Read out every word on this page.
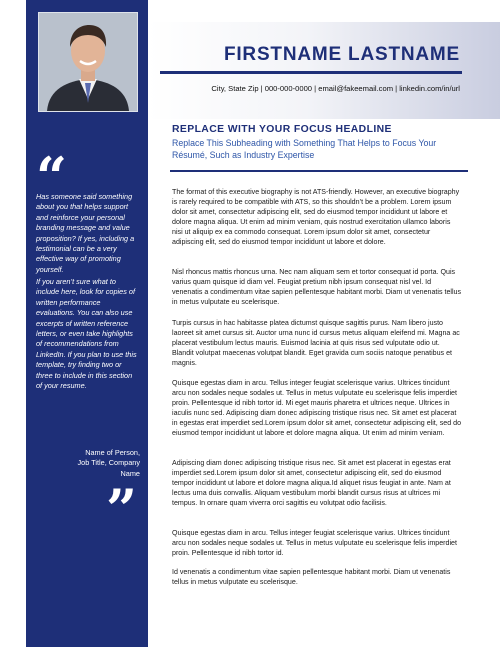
“

Has someone said something about you that helps support and reinforce your personal branding message and value proposition? If yes, including a testimonial can be a very effective way of promoting yourself.

If you aren’t sure what to include here, look for copies of written performance evaluations. You can also use excerpts of written reference letters, or even take highlights of recommendations from LinkedIn. If you plan to use this template, try finding two or three to include in this section of your resume.

Name of Person,
Job Title, Company
Name
”
FIRSTNAME LASTNAME
City, State Zip | 000-000-0000 | email@fakeemail.com | linkedin.com/in/url
REPLACE WITH YOUR FOCUS HEADLINE

Replace This Subheading with Something That Helps to Focus Your Résumé, Such as Industry Expertise

The format of this executive biography is not ATS-friendly. However, an executive biography is rarely required to be compatible with ATS, so this shouldn’t be a problem. Lorem ipsum dolor sit amet, consectetur adipiscing elit, sed do eiusmod tempor incididunt ut labore et dolore magna aliqua. Ut enim ad minim veniam, quis nostrud exercitation ullamco laboris nisi ut aliquip ex ea commodo consequat. Lorem ipsum dolor sit amet, consectetur adipiscing elit, sed do eiusmod tempor incididunt ut labore et dolore.

Nisl rhoncus mattis rhoncus urna. Nec nam aliquam sem et tortor consequat id porta. Quis varius quam quisque id diam vel. Feugiat pretium nibh ipsum consequat nisl vel. Id venenatis a condimentum vitae sapien pellentesque habitant morbi. Diam ut venenatis tellus in metus vulputate eu scelerisque.

Turpis cursus in hac habitasse platea dictumst quisque sagittis purus. Nam libero justo laoreet sit amet cursus sit. Auctor urna nunc id cursus metus aliquam eleifend mi. Magna ac placerat vestibulum lectus mauris. Euismod lacinia at quis risus sed vulputate odio ut. Blandit volutpat maecenas volutpat blandit. Eget gravida cum sociis natoque penatibus et magnis.

Quisque egestas diam in arcu. Tellus integer feugiat scelerisque varius. Ultrices tincidunt arcu non sodales neque sodales ut. Tellus in metus vulputate eu scelerisque felis imperdiet proin. Pellentesque id nibh tortor id. Mi eget mauris pharetra et ultrices neque. Ultrices in iaculis nunc sed. Adipiscing diam donec adipiscing tristique risus nec. Sit amet est placerat in egestas erat imperdiet sed.Lorem ipsum dolor sit amet, consectetur adipiscing elit, sed do eiusmod tempor incididunt ut labore et dolore magna aliqua. Ut enim ad minim veniam.

Adipiscing diam donec adipiscing tristique risus nec. Sit amet est placerat in egestas erat imperdiet sed.Lorem ipsum dolor sit amet, consectetur adipiscing elit, sed do eiusmod tempor incididunt ut labore et dolore magna aliqua.Id aliquet risus feugiat in ante. Nam at lectus urna duis convallis. Aliquam vestibulum morbi blandit cursus risus at ultrices mi tempus. In ornare quam viverra orci sagittis eu volutpat odio facilisis.

Quisque egestas diam in arcu. Tellus integer feugiat scelerisque varius. Ultrices tincidunt arcu non sodales neque sodales ut. Tellus in metus vulputate eu scelerisque felis imperdiet proin. Pellentesque id nibh tortor id.

Id venenatis a condimentum vitae sapien pellentesque habitant morbi. Diam ut venenatis tellus in metus vulputate eu scelerisque.
